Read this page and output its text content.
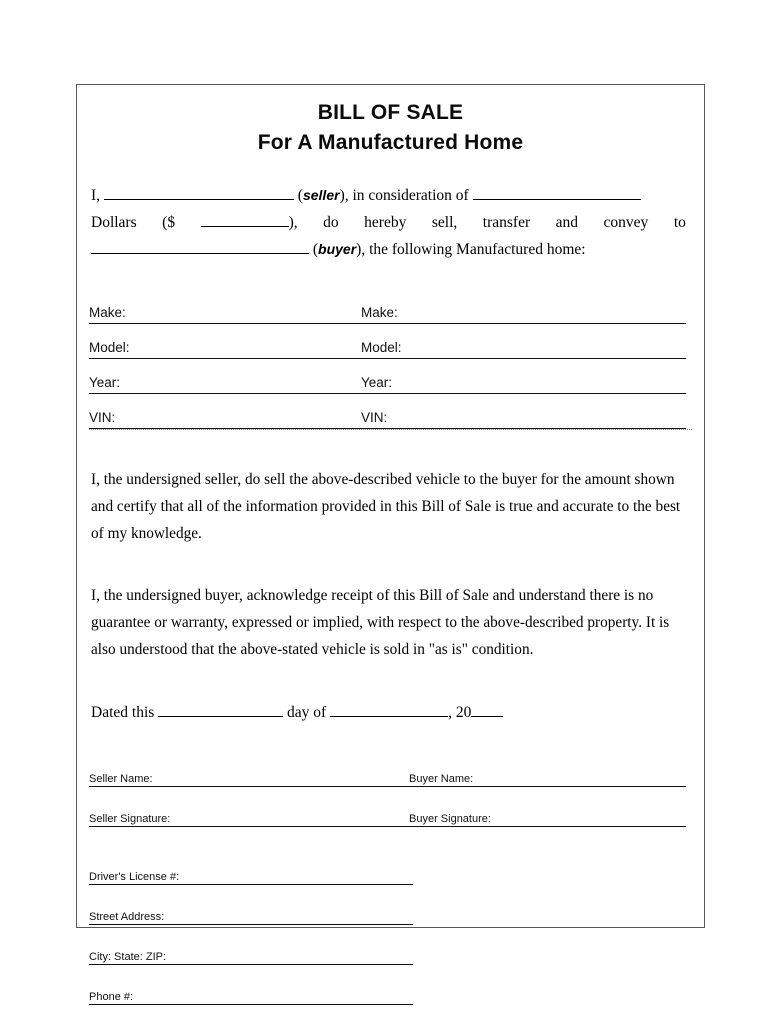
BILL OF SALE
For A Manufactured Home
I,	(seller), in consideration of
Dollars ($	), do hereby sell, transfer and convey to
(buyer), the following Manufactured home:
Make:	Make:
Model:	Model:
Year:	Year:
VIN:	VIN:

I, the undersigned seller, do sell the above-described vehicle to the buyer for the amount shown and certify that all of the information provided in this Bill of Sale is true and accurate to the best of my knowledge.

I, the undersigned buyer, acknowledge receipt of this Bill of Sale and understand there is no guarantee or warranty, expressed or implied, with respect to the above-described property. It is also understood that the above-stated vehicle is sold in "as is" condition.

Dated this	day of	, 20
Seller Name:	Buyer Name:
Seller Signature:	Buyer Signature:
Driver's License #:
Street Address:
City: State: ZIP:
Phone #:
